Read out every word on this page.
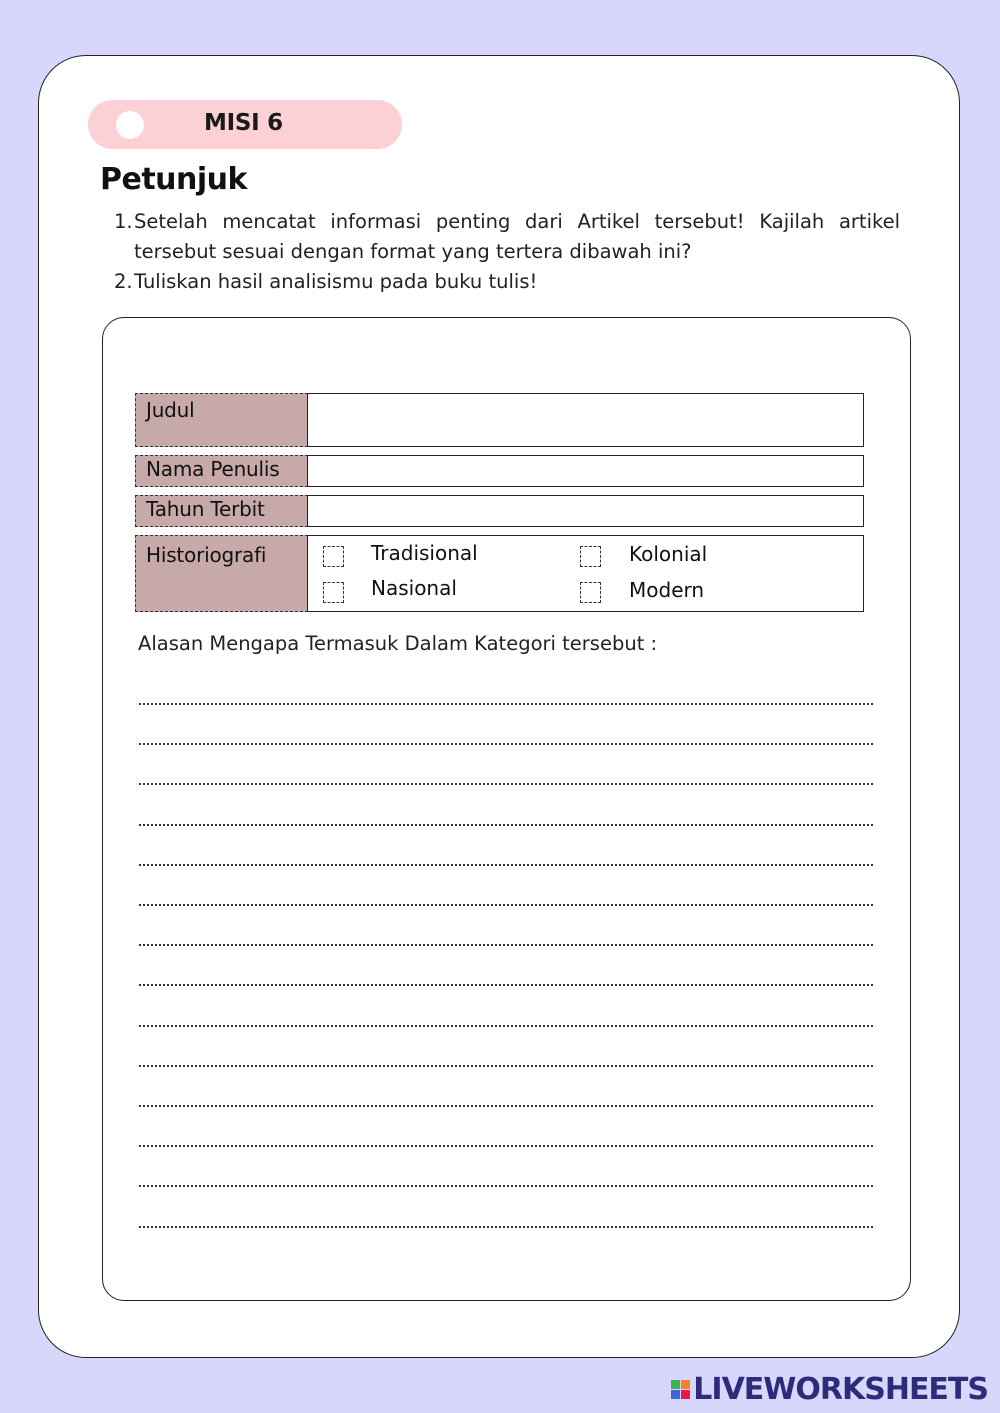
MISI 6
Petunjuk
1. Setelah mencatat informasi penting dari Artikel tersebut! Kajilah artikel tersebut sesuai dengan format yang tertera dibawah ini?
2. Tuliskan hasil analisismu pada buku tulis!
Judul
Nama Penulis
Tahun Terbit
Historiografi	Tradisional	Kolonial
Nasional	Modern
Alasan Mengapa Termasuk Dalam Kategori tersebut :
LIVEWORKSHEETS
